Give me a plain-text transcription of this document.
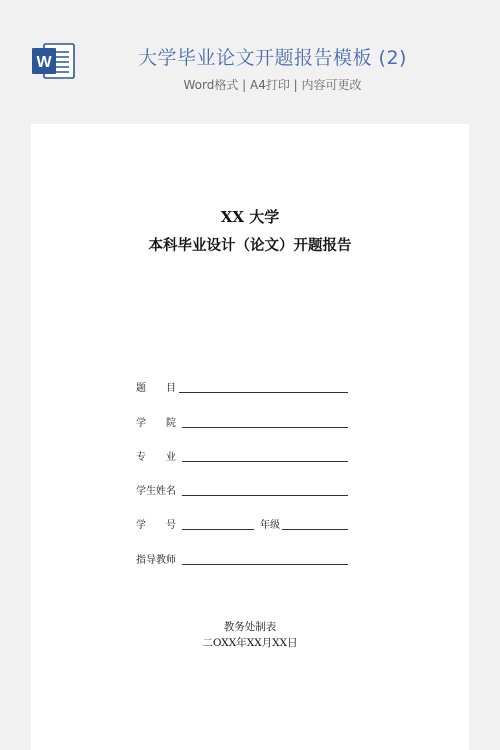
W	大学毕业论文开题报告模板 (2)
Word格式 | A4打印 | 内容可更改
XX 大学
本科毕业设计（论文）开题报告
题　　目
学　　院
专　　业
学生姓名
学　　号	年级
指导教师
教务处制表
二OXX年XX月XX日
